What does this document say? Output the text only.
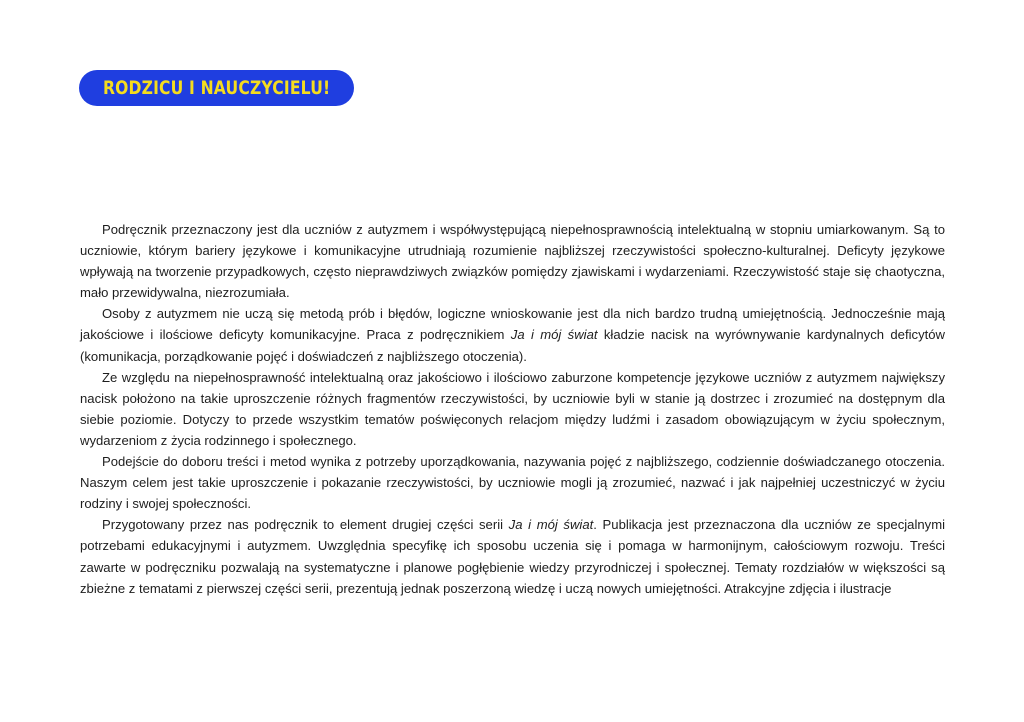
RODZICU I NAUCZYCIELU!

Podręcznik przeznaczony jest dla uczniów z autyzmem i współwystępującą niepełnosprawnością intelektualną w stopniu umiarkowanym. Są to uczniowie, którym bariery językowe i komunikacyjne utrudniają rozumienie najbliższej rzeczywistości społeczno-kulturalnej. Deficyty językowe wpływają na tworzenie przypadkowych, często nieprawdziwych związków pomiędzy zjawiskami i wydarzeniami. Rzeczywistość staje się chaotyczna, mało przewidywalna, niezrozumiała.

Osoby z autyzmem nie uczą się metodą prób i błędów, logiczne wnioskowanie jest dla nich bardzo trudną umiejętnością. Jednocześnie mają jakościowe i ilościowe deficyty komunikacyjne. Praca z podręcznikiem Ja i mój świat kładzie nacisk na wyrównywanie kardynalnych deficytów (komunikacja, porządkowanie pojęć i doświadczeń z najbliższego otoczenia).

Ze względu na niepełnosprawność intelektualną oraz jakościowo i ilościowo zaburzone kompetencje językowe uczniów z autyzmem największy nacisk położono na takie uproszczenie różnych fragmentów rzeczywistości, by uczniowie byli w stanie ją dostrzec i zrozumieć na dostępnym dla siebie poziomie. Dotyczy to przede wszystkim tematów poświęconych relacjom między ludźmi i zasadom obowiązującym w życiu społecznym, wydarzeniom z życia rodzinnego i społecznego.

Podejście do doboru treści i metod wynika z potrzeby uporządkowania, nazywania pojęć z najbliższego, codziennie doświadczanego otoczenia. Naszym celem jest takie uproszczenie i pokazanie rzeczywistości, by uczniowie mogli ją zrozumieć, nazwać i jak najpełniej uczestniczyć w życiu rodziny i swojej społeczności.

Przygotowany przez nas podręcznik to element drugiej części serii Ja i mój świat. Publikacja jest przeznaczona dla uczniów ze specjalnymi potrzebami edukacyjnymi i autyzmem. Uwzględnia specyfikę ich sposobu uczenia się i pomaga w harmonijnym, całościowym rozwoju. Treści zawarte w podręczniku pozwalają na systematyczne i planowe pogłębienie wiedzy przyrodniczej i społecznej. Tematy rozdziałów w większości są zbieżne z tematami z pierwszej części serii, prezentują jednak poszerzoną wiedzę i uczą nowych umiejętności. Atrakcyjne zdjęcia i ilustracje
